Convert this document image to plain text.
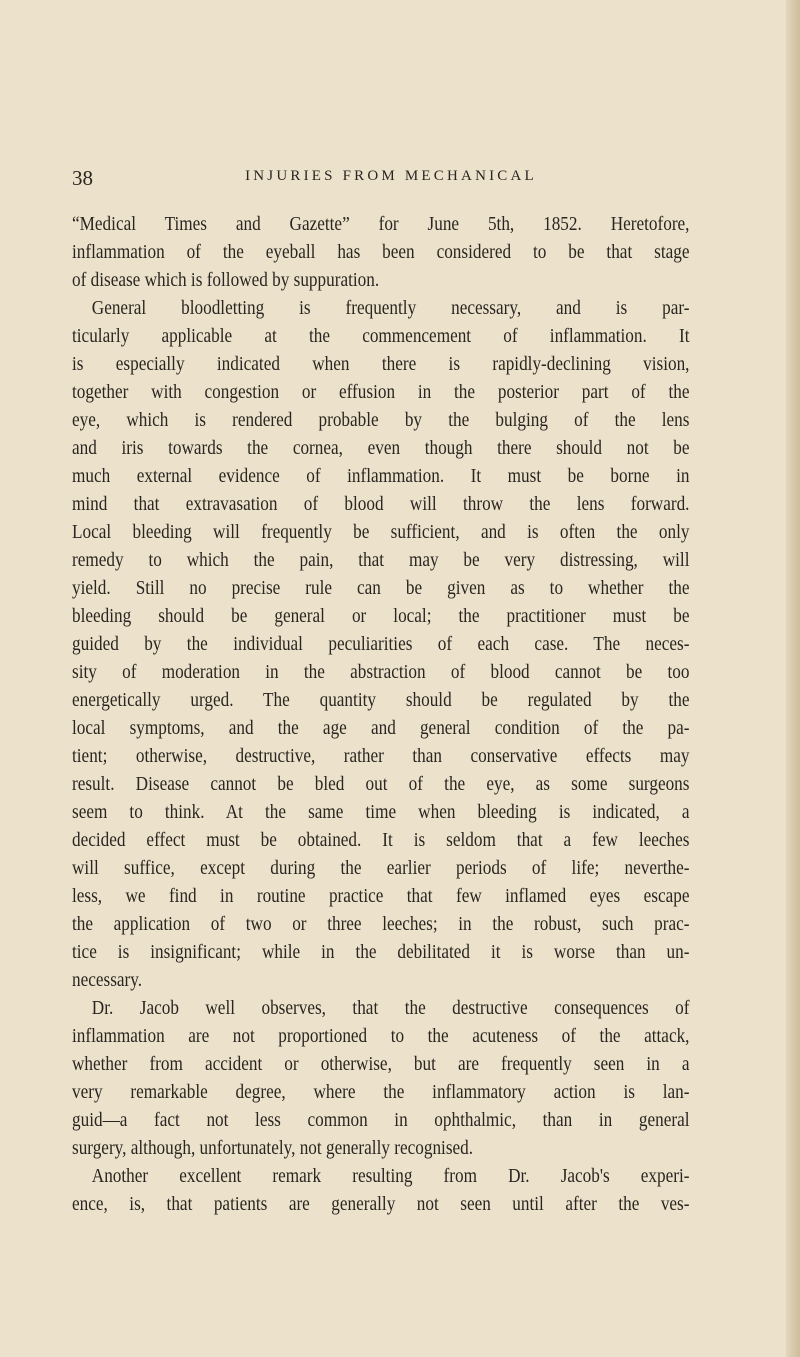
38	INJURIES FROM MECHANICAL
“Medical Times and Gazette” for June 5th, 1852. Heretofore,
inflammation of the eyeball has been considered to be that stage
of disease which is followed by suppuration.
General bloodletting is frequently necessary, and is par-
ticularly applicable at the commencement of inflammation. It
is especially indicated when there is rapidly-declining vision,
together with congestion or effusion in the posterior part of the
eye, which is rendered probable by the bulging of the lens
and iris towards the cornea, even though there should not be
much external evidence of inflammation. It must be borne in
mind that extravasation of blood will throw the lens forward.
Local bleeding will frequently be sufficient, and is often the only
remedy to which the pain, that may be very distressing, will
yield. Still no precise rule can be given as to whether the
bleeding should be general or local; the practitioner must be
guided by the individual peculiarities of each case. The neces-
sity of moderation in the abstraction of blood cannot be too
energetically urged. The quantity should be regulated by the
local symptoms, and the age and general condition of the pa-
tient; otherwise, destructive, rather than conservative effects may
result. Disease cannot be bled out of the eye, as some surgeons
seem to think. At the same time when bleeding is indicated, a
decided effect must be obtained. It is seldom that a few leeches
will suffice, except during the earlier periods of life; neverthe-
less, we find in routine practice that few inflamed eyes escape
the application of two or three leeches; in the robust, such prac-
tice is insignificant; while in the debilitated it is worse than un-
necessary.
Dr. Jacob well observes, that the destructive consequences of
inflammation are not proportioned to the acuteness of the attack,
whether from accident or otherwise, but are frequently seen in a
very remarkable degree, where the inflammatory action is lan-
guid—a fact not less common in ophthalmic, than in general
surgery, although, unfortunately, not generally recognised.
Another excellent remark resulting from Dr. Jacob's experi-
ence, is, that patients are generally not seen until after the ves-
